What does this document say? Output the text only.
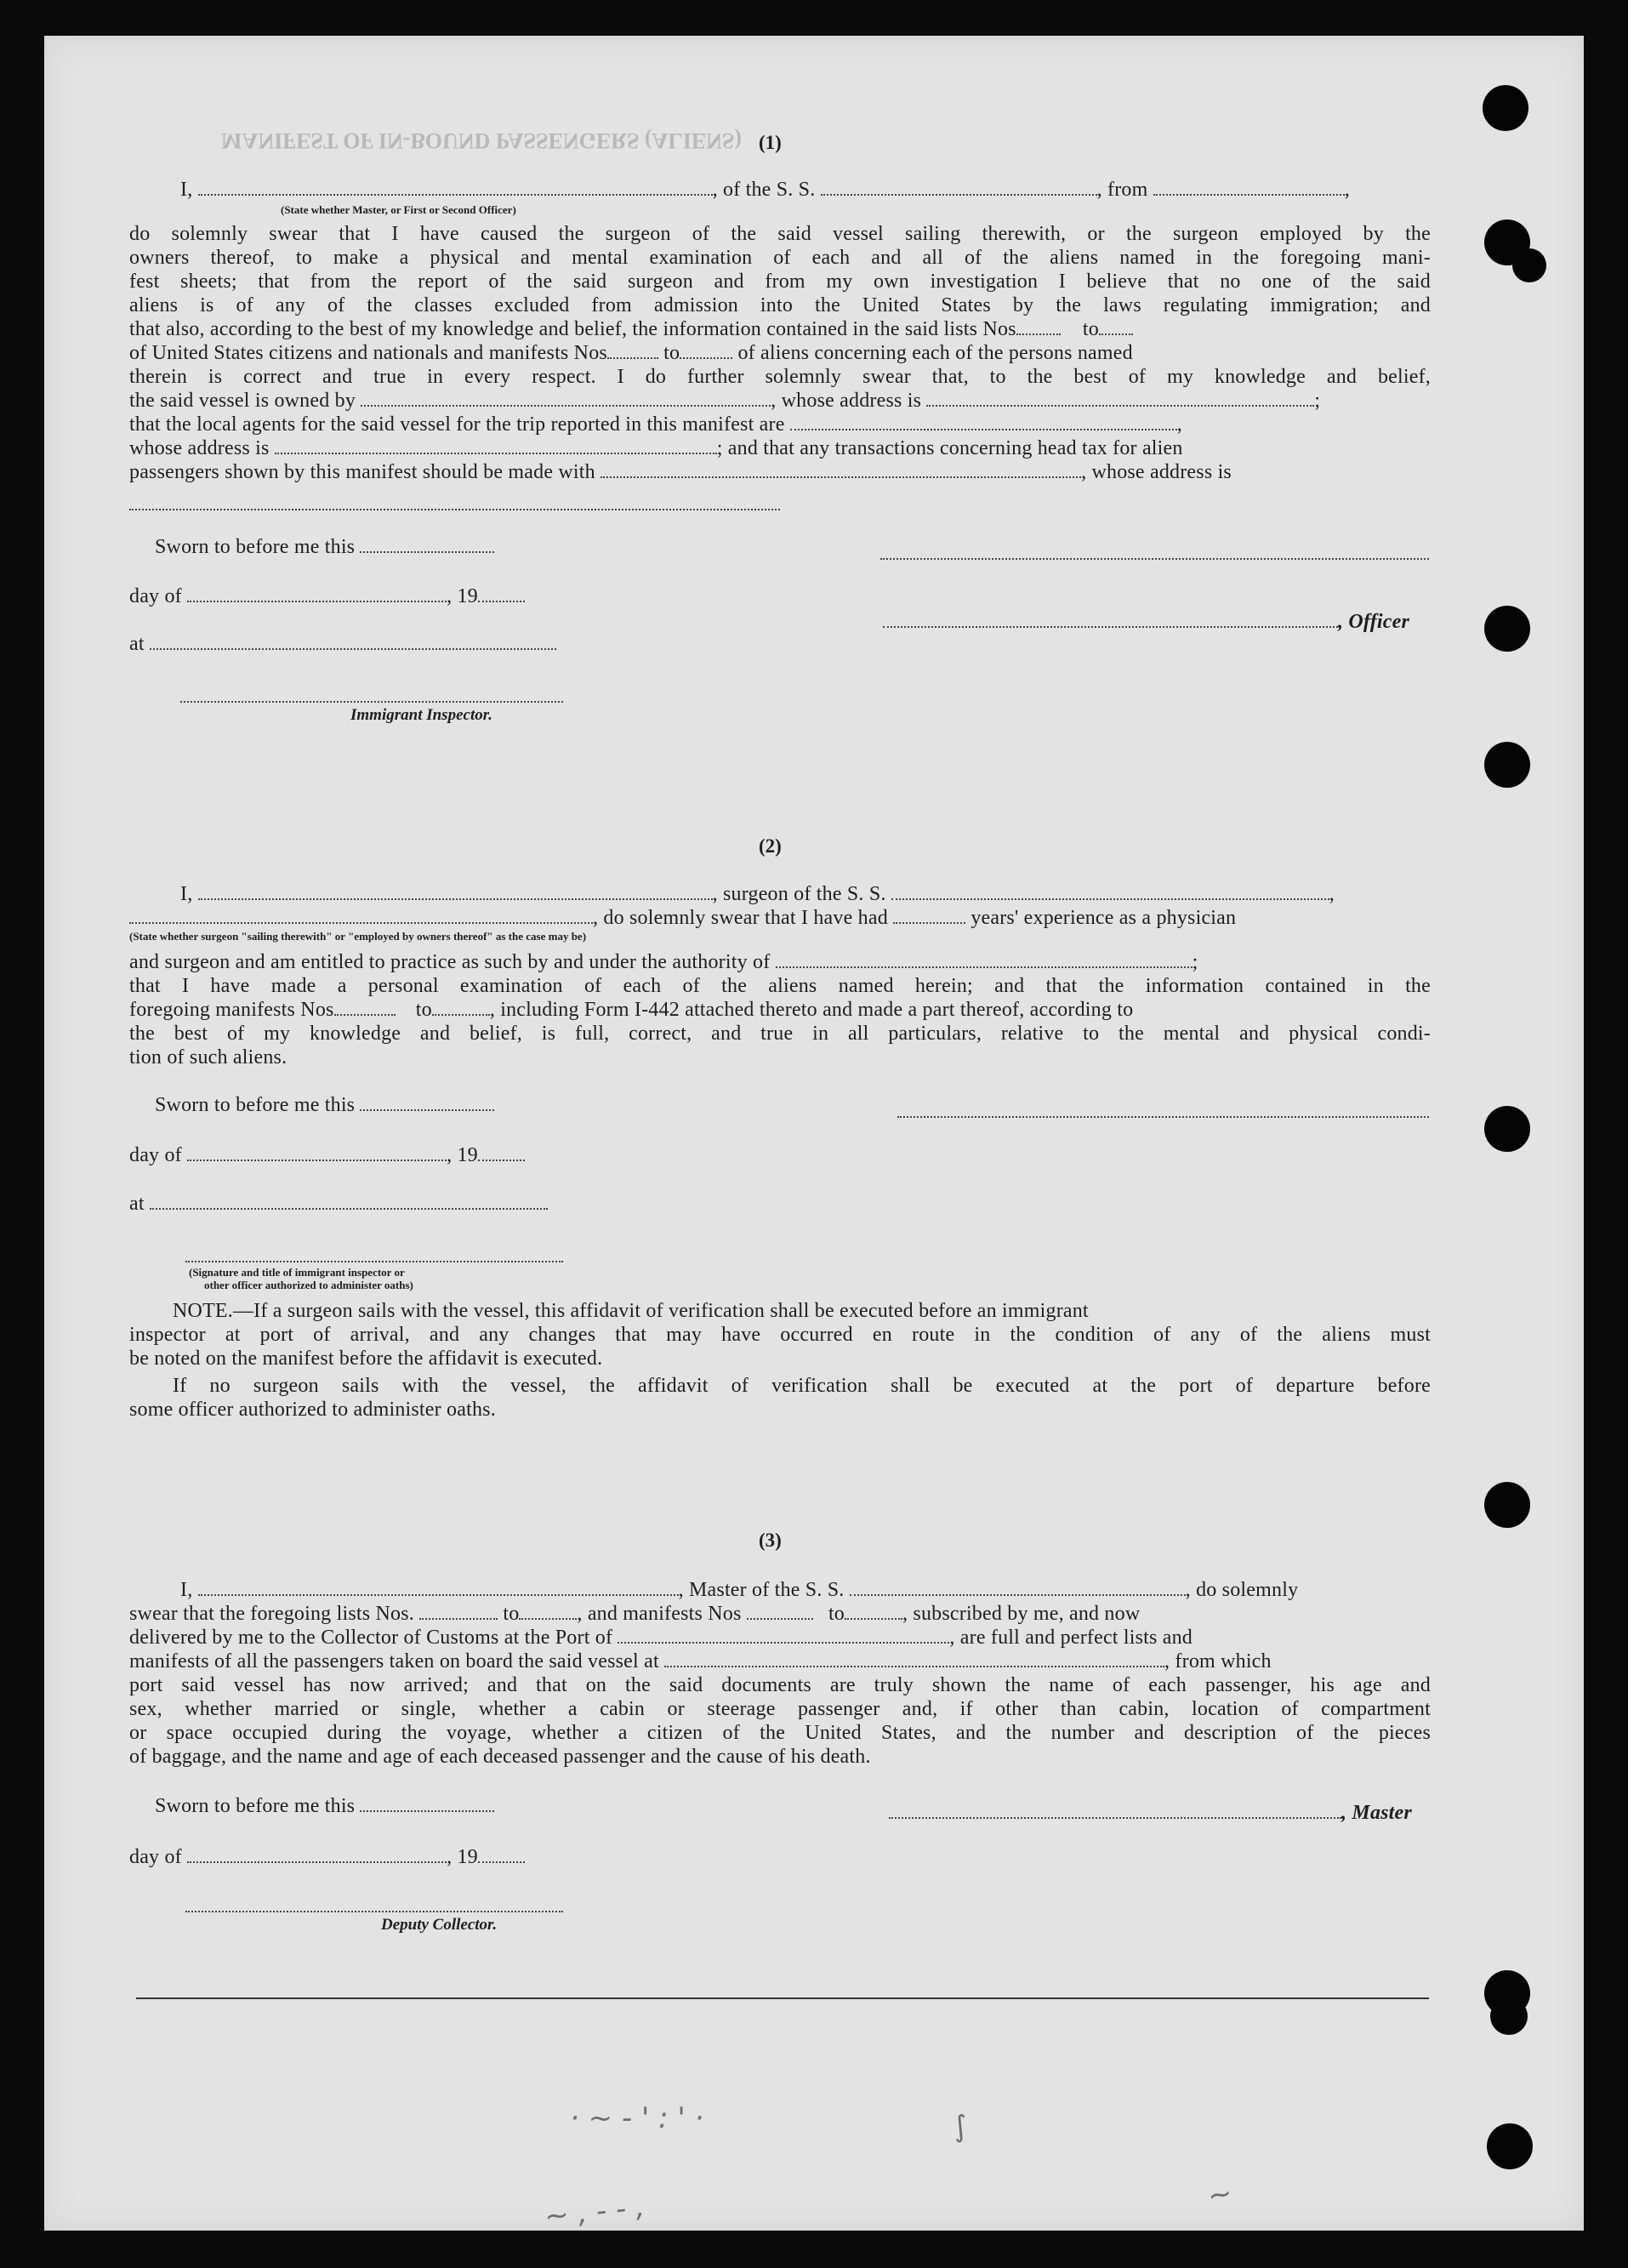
MANIFEST OF IN-BOUND PASSENGERS (ALIENS) (1)
I,	, of the S. S.	, from	,
(State whether Master, or First or Second Officer)
do solemnly swear that I have caused the surgeon of the said vessel sailing therewith, or the surgeon employed by the
owners thereof, to make a physical and mental examination of each and all of the aliens named in the foregoing mani-
fest sheets; that from the report of the said surgeon and from my own investigation I believe that no one of the said
aliens is of any of the classes excluded from admission into the United States by the laws regulating immigration; and
that also, according to the best of my knowledge and belief, the information contained in the said lists Nos	to
of United States citizens and nationals and manifests Nos	to	of aliens concerning each of the persons named
therein is correct and true in every respect. I do further solemnly swear that, to the best of my knowledge and belief,
the said vessel is owned by	, whose address is	;
that the local agents for the said vessel for the trip reported in this manifest are	,
whose address is	; and that any transactions concerning head tax for alien
passengers shown by this manifest should be made with	, whose address is
Sworn to before me this
day of	, 19
, Officer
at
Immigrant Inspector.
(2)
I,	, surgeon of the S. S.	,
, do solemnly swear that I have had	years' experience as a physician
(State whether surgeon "sailing therewith" or "employed by owners thereof" as the case may be)
and surgeon and am entitled to practice as such by and under the authority of	;
that I have made a personal examination of each of the aliens named herein; and that the information contained in the
foregoing manifests Nos	to	, including Form I-442 attached thereto and made a part thereof, according to
the best of my knowledge and belief, is full, correct, and true in all particulars, relative to the mental and physical condi-
tion of such aliens.
Sworn to before me this
day of	, 19
at
(Signature and title of immigrant inspector or
other officer authorized to administer oaths)
NOTE.—If a surgeon sails with the vessel, this affidavit of verification shall be executed before an immigrant
inspector at port of arrival, and any changes that may have occurred en route in the condition of any of the aliens must
be noted on the manifest before the affidavit is executed.
If no surgeon sails with the vessel, the affidavit of verification shall be executed at the port of departure before
some officer authorized to administer oaths.
(3)
I,	, Master of the S. S.	, do solemnly
swear that the foregoing lists Nos.	to	, and manifests Nos	to	, subscribed by me, and now
delivered by me to the Collector of Customs at the Port of	, are full and perfect lists and
manifests of all the passengers taken on board the said vessel at	, from which
port said vessel has now arrived; and that on the said documents are truly shown the name of each passenger, his age and
sex, whether married or single, whether a cabin or steerage passenger and, if other than cabin, location of compartment
or space occupied during the voyage, whether a citizen of the United States, and the number and description of the pieces
of baggage, and the name and age of each deceased passenger and the cause of his death.
Sworn to before me this	, Master
day of	, 19
Deputy Collector.
· ~ - ' : ' ·	∫
~ , - - ,	~
